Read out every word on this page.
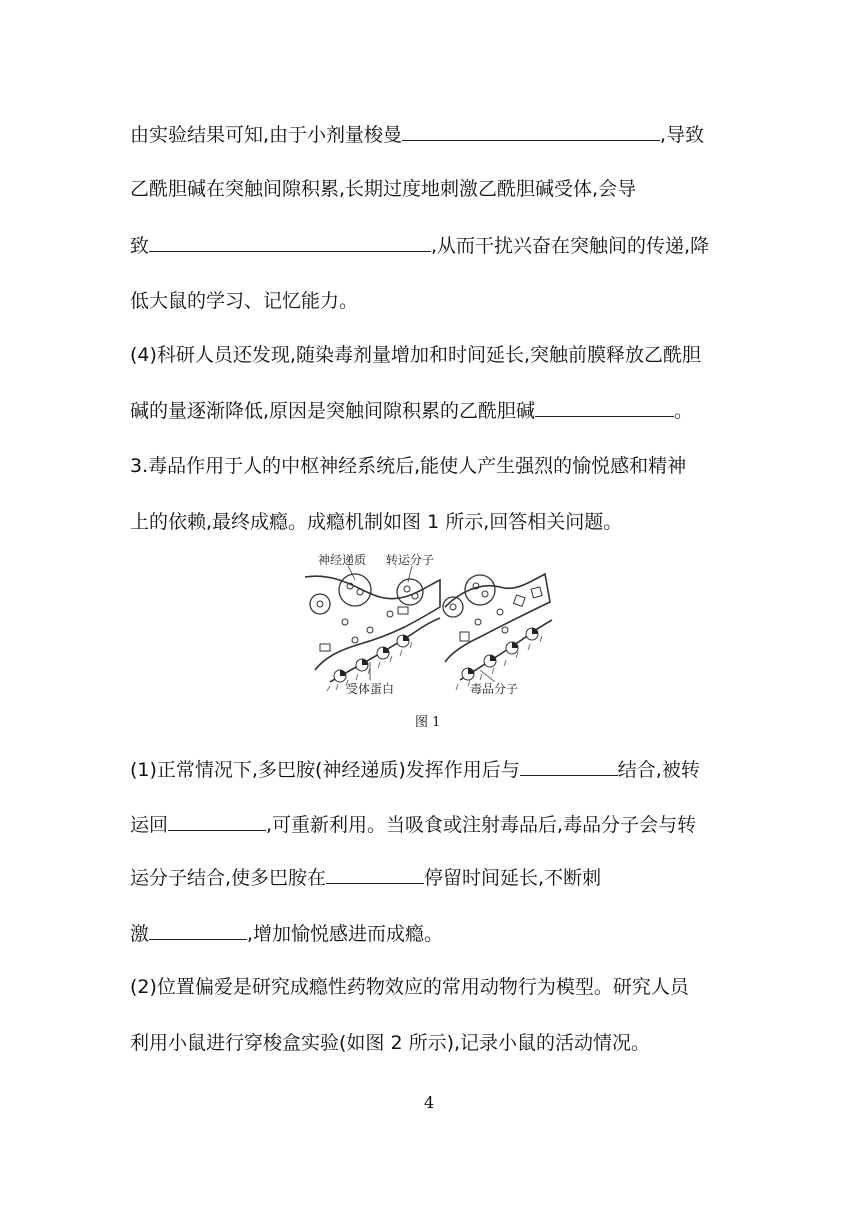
由实验结果可知,由于小剂量梭曼	,导致
乙酰胆碱在突触间隙积累,长期过度地刺激乙酰胆碱受体,会导
致	,从而干扰兴奋在突触间的传递,降
低大鼠的学习、记忆能力。
(4)科研人员还发现,随染毒剂量增加和时间延长,突触前膜释放乙酰胆
碱的量逐渐降低,原因是突触间隙积累的乙酰胆碱	。
3.毒品作用于人的中枢神经系统后,能使人产生强烈的愉悦感和精神
上的依赖,最终成瘾。成瘾机制如图 1 所示,回答相关问题。
神经递质 转运分子
受体蛋白	毒品分子
图 1
(1)正常情况下,多巴胺(神经递质)发挥作用后与	结合,被转
运回	,可重新利用。当吸食或注射毒品后,毒品分子会与转
运分子结合,使多巴胺在	停留时间延长,不断刺
激	,增加愉悦感进而成瘾。
(2)位置偏爱是研究成瘾性药物效应的常用动物行为模型。研究人员
利用小鼠进行穿梭盒实验(如图 2 所示),记录小鼠的活动情况。
4
